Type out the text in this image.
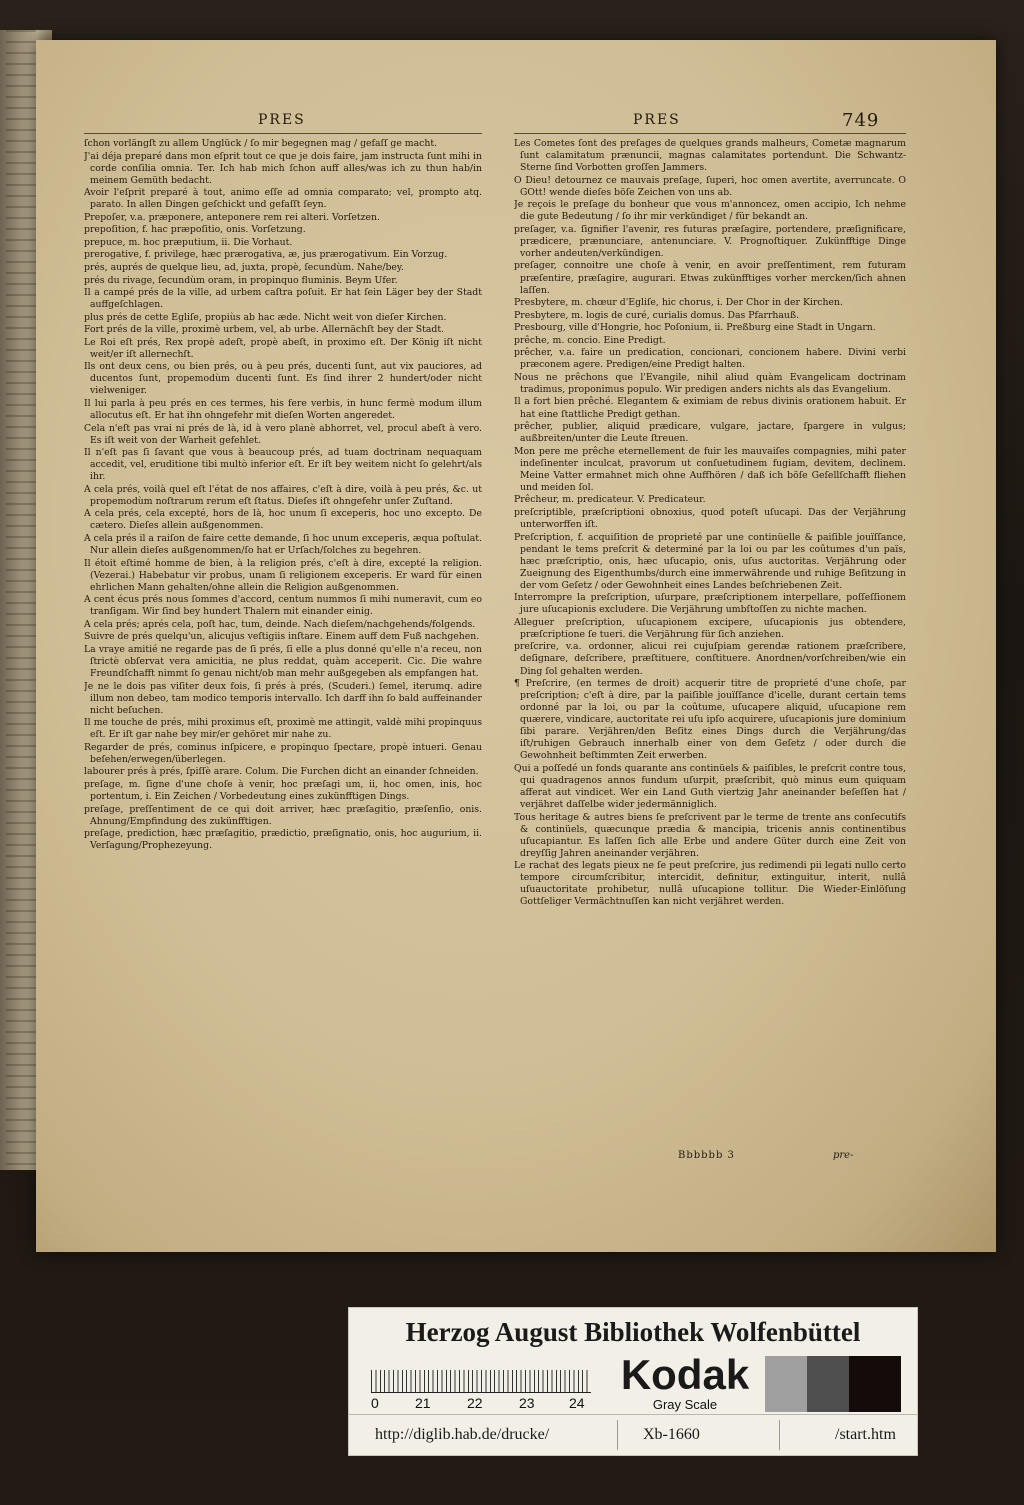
PRES	PRES	749
ſchon vorlängſt zu allem Unglück / ſo mir begegnen mag / gefaſſ ge macht.
J'ai déja preparé dans mon eſprit tout ce que je dois faire, jam instructa ſunt mihi in corde conſilia omnia. Ter. Ich hab mich ſchon auff alles/was ich zu thun hab/in meinem Gemüth bedacht.
Avoir l'eſprit preparé à tout, animo eſſe ad omnia comparato; vel, prompto atq. parato. In allen Dingen geſchickt und gefaſſt ſeyn.
Prepoſer, v.a. præponere, anteponere rem rei alteri. Vorſetzen.
prepoſition, f. hac præpoſitio, onis. Vorſetzung.
prepuce, m. hoc præputium, ii. Die Vorhaut.
prerogative, f. privilege, hæc prærogativa, æ, jus prærogativum. Ein Vorzug.
prés, auprés de quelque lieu, ad, juxta, propè, ſecundùm. Nahe/bey.
prés du rivage, ſecundùm oram, in propinquo fluminis. Beym Ufer.
Il a campé prés de la ville, ad urbem caſtra poſuit. Er hat ſein Läger bey der Stadt auffgeſchlagen.
plus prés de cette Egliſe, propiùs ab hac æde. Nicht weit von dieſer Kirchen.
Fort prés de la ville, proximè urbem, vel, ab urbe. Allernächſt bey der Stadt.
Le Roi eſt prés, Rex propè adeſt, propè abeſt, in proximo eſt. Der König iſt nicht weit/er iſt allernechſt.
Ils ont deux cens, ou bien prés, ou à peu prés, ducenti ſunt, aut vix pauciores, ad ducentos ſunt, propemodùm ducenti ſunt. Es ſind ihrer 2 hundert/oder nicht vielweniger.
Il lui parla à peu prés en ces termes, his fere verbis, in hunc fermè modum illum allocutus eſt. Er hat ihn ohngefehr mit dieſen Worten angeredet.
Cela n'eſt pas vrai ni prés de là, id à vero planè abhorret, vel, procul abeſt à vero. Es iſt weit von der Warheit gefehlet.
Il n'eſt pas ſi ſavant que vous à beaucoup prés, ad tuam doctrinam nequaquam accedit, vel, eruditione tibi multò inferior eſt. Er iſt bey weitem nicht ſo gelehrt/als ihr.
A cela prés, voilà quel eſt l'état de nos affaires, c'eſt à dire, voilà à peu prés, &c. ut propemodùm noſtrarum rerum eſt ſtatus. Dieſes iſt ohngefehr unſer Zuſtand.
A cela prés, cela excepté, hors de là, hoc unum ſi exceperis, hoc uno excepto. De cætero. Dieſes allein außgenommen.
A cela prés il a raiſon de faire cette demande, ſi hoc unum exceperis, æqua poſtulat. Nur allein dieſes außgenommen/ſo hat er Urſach/ſolches zu begehren.
Il étoit eſtimé homme de bien, à la religion prés, c'eſt à dire, excepté la religion. (Vezerai.) Habebatur vir probus, unam ſi religionem exceperis. Er ward für einen ehrlichen Mann gehalten/ohne allein die Religion außgenommen.
A cent écus prés nous ſommes d'accord, centum nummos ſi mihi numeravit, cum eo tranſigam. Wir ſind bey hundert Thalern mit einander einig.
A cela prés; aprés cela, poſt hac, tum, deinde. Nach dieſem/nachgehends/folgends.
Suivre de prés quelqu'un, alicujus veſtigiis inſtare. Einem auff dem Fuß nachgehen.
La vraye amitié ne regarde pas de ſi prés, ſi elle a plus donné qu'elle n'a receu, non ſtrictè obſervat vera amicitia, ne plus reddat, quàm acceperit. Cic. Die wahre Freundſchafft nimmt ſo genau nicht/ob man mehr außgegeben als empfangen hat.
Je ne le dois pas viſiter deux fois, ſi prés à prés, (Scuderi.) ſemel, iterumq. adire illum non debeo, tam modico temporis intervallo. Ich darff ihn ſo bald auffeinander nicht beſuchen.
Il me touche de prés, mihi proximus eſt, proximè me attingit, valdè mihi propinquus eſt. Er iſt gar nahe bey mir/er gehöret mir nahe zu.
Regarder de prés, cominus inſpicere, e propinquo ſpectare, propè intueri. Genau beſehen/erwegen/überlegen.
labourer prés à prés, ſpiſſè arare. Colum. Die Furchen dicht an einander ſchneiden.
preſage, m. ſigne d'une choſe à venir, hoc præſagi um, ii, hoc omen, inis, hoc portentum, i. Ein Zeichen / Vorbedeutung eines zukünfftigen Dings.
preſage, preſſentiment de ce qui doit arriver, hæc præſagitio, præſenſio, onis. Ahnung/Empfindung des zukünfftigen.
preſage, prediction, hæc præſagitio, prædictio, præſignatio, onis, hoc augurium, ii. Verſagung/Prophezeyung.
Les Cometes ſont des preſages de quelques grands malheurs, Cometæ magnarum ſunt calamitatum prænuncii, magnas calamitates portendunt. Die Schwantz-Sterne ſind Vorbotten groſſen Jammers.
O Dieu! detournez ce mauvais preſage, ſuperi, hoc omen avertite, averruncate. O GOtt! wende dieſes böſe Zeichen von uns ab.
Je reçois le preſage du bonheur que vous m'annoncez, omen accipio, Ich nehme die gute Bedeutung / ſo ihr mir verkündiget / für bekandt an.
preſager, v.a. ſignifier l'avenir, res futuras præſagire, portendere, præſignificare, prædicere, prænunciare, antenunciare. V. Prognoſtiquer. Zukünfftige Dinge vorher andeuten/verkündigen.
preſager, connoitre une choſe à venir, en avoir preſſentiment, rem futuram præſentire, præſagire, augurari. Etwas zukünfftiges vorher mercken/ſich ahnen laſſen.
Presbytere, m. chœur d'Egliſe, hic chorus, i. Der Chor in der Kirchen.
Presbytere, m. logis de curé, curialis domus. Das Pfarrhauß.
Presbourg, ville d'Hongrie, hoc Poſonium, ii. Preßburg eine Stadt in Ungarn.
prêche, m. concio. Eine Predigt.
prêcher, v.a. faire un predication, concionari, concionem habere. Divini verbi præconem agere. Predigen/eine Predigt halten.
Nous ne prêchons que l'Evangile, nihil aliud quàm Evangelicam doctrinam tradimus, proponimus populo. Wir predigen anders nichts als das Evangelium.
Il a fort bien prêché. Elegantem & eximiam de rebus divinis orationem habuit. Er hat eine ſtattliche Predigt gethan.
prêcher, publier, aliquid prædicare, vulgare, jactare, ſpargere in vulgus; außbreiten/unter die Leute ſtreuen.
Mon pere me prêche eternellement de fuir les mauvaiſes compagnies, mihi pater indeſinenter inculcat, pravorum ut conſuetudinem fugiam, devitem, declinem. Meine Vatter ermahnet mich ohne Auffhören / daß ich böſe Geſellſchafft fliehen und meiden ſol.
Prêcheur, m. predicateur. V. Predicateur.
preſcriptible, præſcriptioni obnoxius, quod poteſt uſucapi. Das der Verjährung unterworffen iſt.
Preſcription, f. acquiſition de proprieté par une continüelle & paiſible jouïſſance, pendant le tems preſcrit & determiné par la loi ou par les coûtumes d'un païs, hæc præſcriptio, onis, hæc uſucapio, onis, uſus auctoritas. Verjährung oder Zueignung des Eigenthumbs/durch eine immerwährende und ruhige Beſitzung in der vom Geſetz / oder Gewohnheit eines Landes beſchriebenen Zeit.
Interrompre la preſcription, uſurpare, præſcriptionem interpellare, poſſeſſionem jure uſucapionis excludere. Die Verjährung umbſtoſſen zu nichte machen.
Alleguer preſcription, uſucapionem excipere, uſucapionis jus obtendere, præſcriptione ſe tueri. die Verjährung für ſich anziehen.
preſcrire, v.a. ordonner, alicui rei cujuſpiam gerendæ rationem præſcribere, deſignare, deſcribere, præſtituere, conſtituere. Anordnen/vorſchreiben/wie ein Ding ſol gehalten werden.
¶ Preſcrire, (en termes de droit) acquerir titre de proprieté d'une choſe, par preſcription; c'eſt à dire, par la paiſible jouïſſance d'icelle, durant certain tems ordonné par la loi, ou par la coûtume, uſucapere aliquid, uſucapione rem quærere, vindicare, auctoritate rei uſu ipſo acquirere, uſucapionis jure dominium ſibi parare. Verjähren/den Beſitz eines Dings durch die Verjährung/das iſt/ruhigen Gebrauch innerhalb einer von dem Geſetz / oder durch die Gewohnheit beſtimmten Zeit erwerben.
Qui a poſſedé un fonds quarante ans continüels & paiſibles, le preſcrit contre tous, qui quadragenos annos fundum uſurpit, præſcribit, quò minus eum quiquam afferat aut vindicet. Wer ein Land Guth viertzig Jahr aneinander beſeſſen hat / verjähret daſſelbe wider jedermänniglich.
Tous heritage & autres biens ſe preſcrivent par le terme de trente ans conſecutifs & continüels, quæcunque prædia & mancipia, tricenis annis continentibus uſucapiantur. Es laſſen ſich alle Erbe und andere Güter durch eine Zeit von dreyſſig Jahren aneinander verjähren.
Le rachat des legats pieux ne ſe peut preſcrire, jus redimendi pii legati nullo certo tempore circumſcribitur, intercidit, definitur, extinguitur, interit, nullâ uſuauctoritate prohibetur, nullâ uſucapione tollitur. Die Wieder-Einlöſung Gottſeliger Vermächtnuſſen kan nicht verjähret werden.
Bbbbbb 3	pre-
Herzog August Bibliothek Wolfenbüttel
0	21	22	23 24
Kodak
Gray Scale
http://diglib.hab.de/drucke/	Xb-1660	/start.htm
